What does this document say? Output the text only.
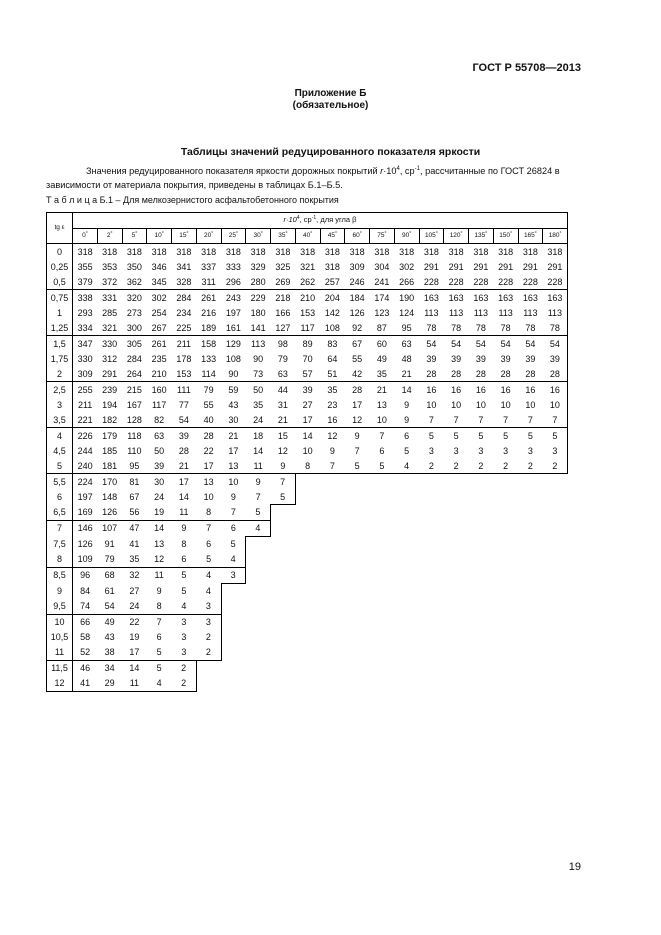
ГОСТ Р 55708—2013
Приложение Б
(обязательное)
Таблицы значений редуцированного показателя яркости
Значения редуцированного показателя яркости дорожных покрытий $r\cdot 10^4$, $ср^{-1}$, рассчитанные по ГОСТ 26824 в зависимости от материала покрытия, приведены в таблицах Б.1–Б.5.
Т а б л и ц а Б.1 – Для мелкозернистого асфальтобетонного покрытия
tg ε	$r\cdot 10^4$, $ср^{-1}$, для угла β																			
	0°	2°	5°	10°	15°	20°	25°	30°	35°	40°	45°	60°	75°	90°	105°	120°	135°	150°	165°	180°
0	318	318	318	318	318	318	318	318	318	318	318	318	318	318	318	318	318	318	318	318
0,25	355	353	350	346	341	337	333	329	325	321	318	309	304	302	291	291	291	291	291	291
0,5	379	372	362	345	328	311	296	280	269	262	257	246	241	266	228	228	228	228	228	228
0,75	338	331	320	302	284	261	243	229	218	210	204	184	174	190	163	163	163	163	163	163
1	293	285	273	254	234	216	197	180	166	153	142	126	123	124	113	113	113	113	113	113
1,25	334	321	300	267	225	189	161	141	127	117	108	92	87	95	78	78	78	78	78	78
1,5	347	330	305	261	211	158	129	113	98	89	83	67	60	63	54	54	54	54	54	54
1,75	330	312	284	235	178	133	108	90	79	70	64	55	49	48	39	39	39	39	39	39
2	309	291	264	210	153	114	90	73	63	57	51	42	35	21	28	28	28	28	28	28
2,5	255	239	215	160	111	79	59	50	44	39	35	28	21	14	16	16	16	16	16	16
3	211	194	167	117	77	55	43	35	31	27	23	17	13	9	10	10	10	10	10	10
3,5	221	182	128	82	54	40	30	24	21	17	16	12	10	9	7	7	7	7	7	7
4	226	179	118	63	39	28	21	18	15	14	12	9	7	6	5	5	5	5	5	5
4,5	244	185	110	50	28	22	17	14	12	10	9	7	6	5	3	3	3	3	3	3
5	240	181	95	39	21	17	13	11	9	8	7	5	5	4	2	2	2	2	2	2
5,5	224	170	81	30	17	13	10	9	7											
6	197	148	67	24	14	10	9	7	5											
6,5	169	126	56	19	11	8	7	5												
7	146	107	47	14	9	7	6	4												
7,5	126	91	41	13	8	6	5													
8	109	79	35	12	6	5	4													
8,5	96	68	32	11	5	4	3													
9	84	61	27	9	5	4														
9,5	74	54	24	8	4	3														
10	66	49	22	7	3	3														
10,5	58	43	19	6	3	2														
11	52	38	17	5	3	2														
11,5	46	34	14	5	2															
12	41	29	11	4	2															
19
